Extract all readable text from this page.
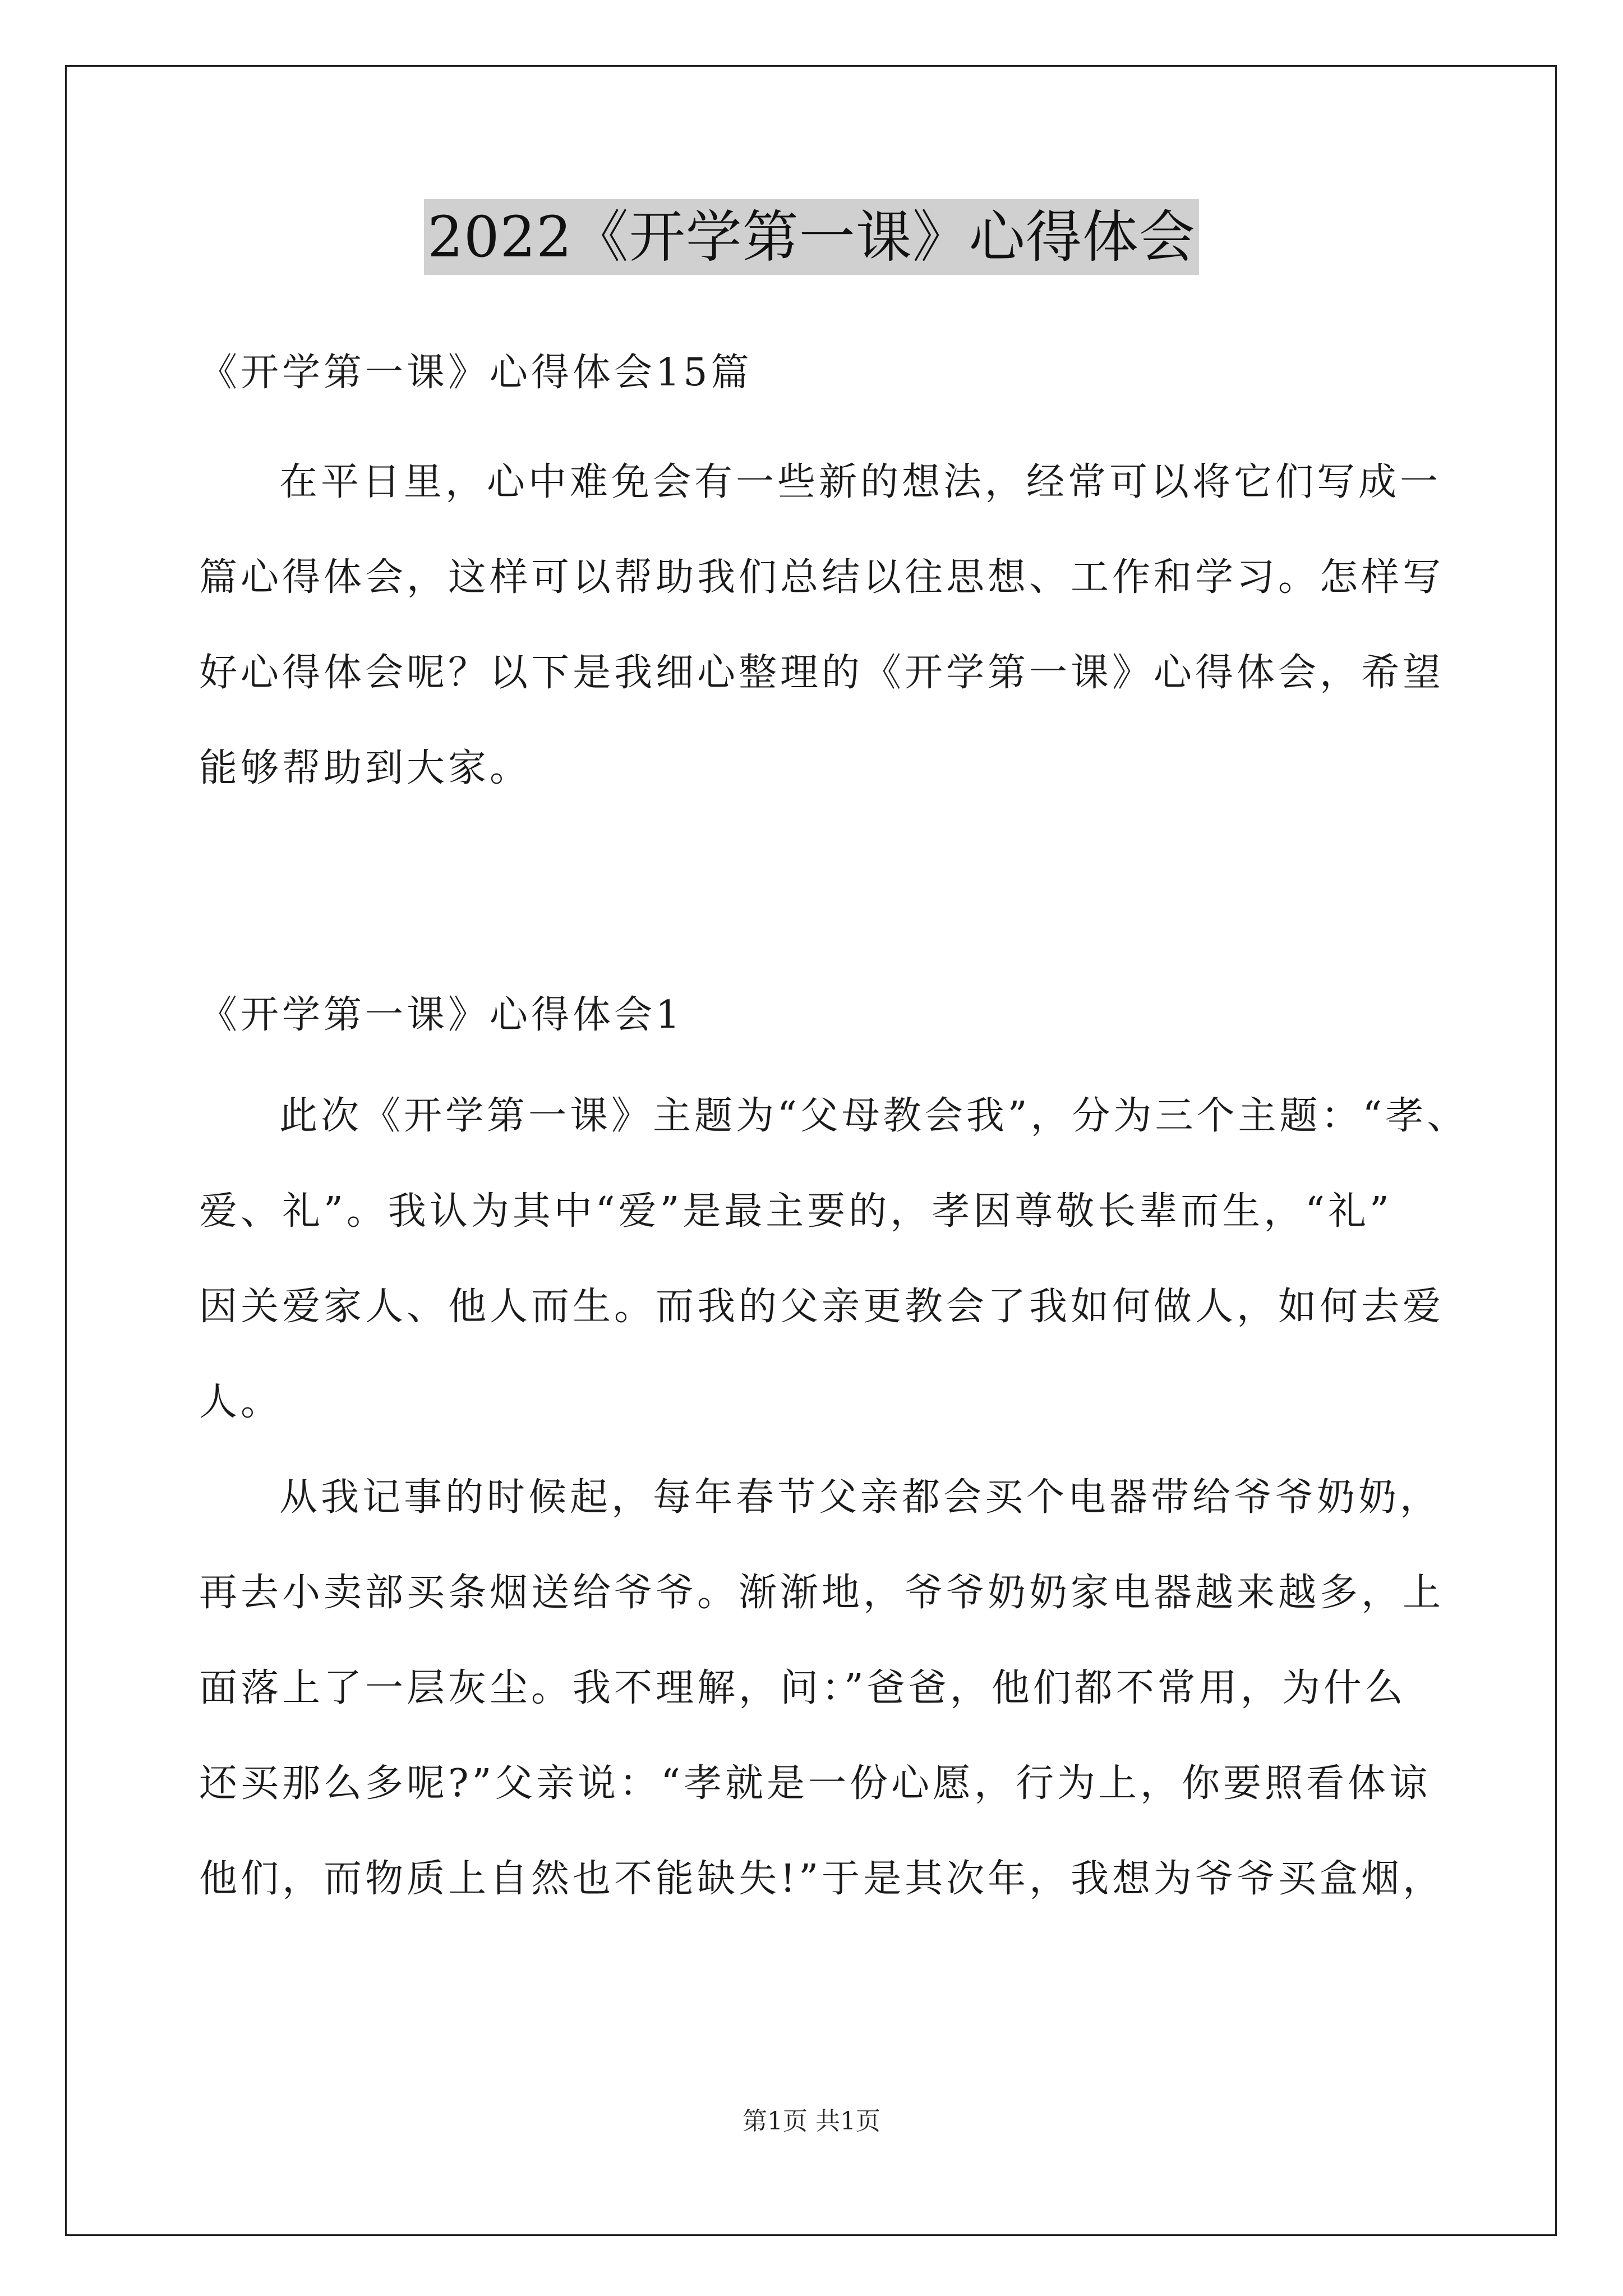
2022《开学第一课》心得体会
《开学第一课》心得体会15篇
在平日里，心中难免会有一些新的想法，经常可以将它们写成一
篇心得体会，这样可以帮助我们总结以往思想、工作和学习。怎样写
好心得体会呢？以下是我细心整理的《开学第一课》心得体会，希望
能够帮助到大家。
《开学第一课》心得体会1
此次《开学第一课》主题为“父母教会我”，分为三个主题：“孝、
爱、礼”。我认为其中“爱”是最主要的，孝因尊敬长辈而生，“礼”
因关爱家人、他人而生。而我的父亲更教会了我如何做人，如何去爱
人。
从我记事的时候起，每年春节父亲都会买个电器带给爷爷奶奶，
再去小卖部买条烟送给爷爷。渐渐地，爷爷奶奶家电器越来越多，上
面落上了一层灰尘。我不理解，问：”爸爸，他们都不常用，为什么
还买那么多呢?”父亲说：“孝就是一份心愿，行为上，你要照看体谅
他们，而物质上自然也不能缺失!”于是其次年，我想为爷爷买盒烟，
第1页 共1页
